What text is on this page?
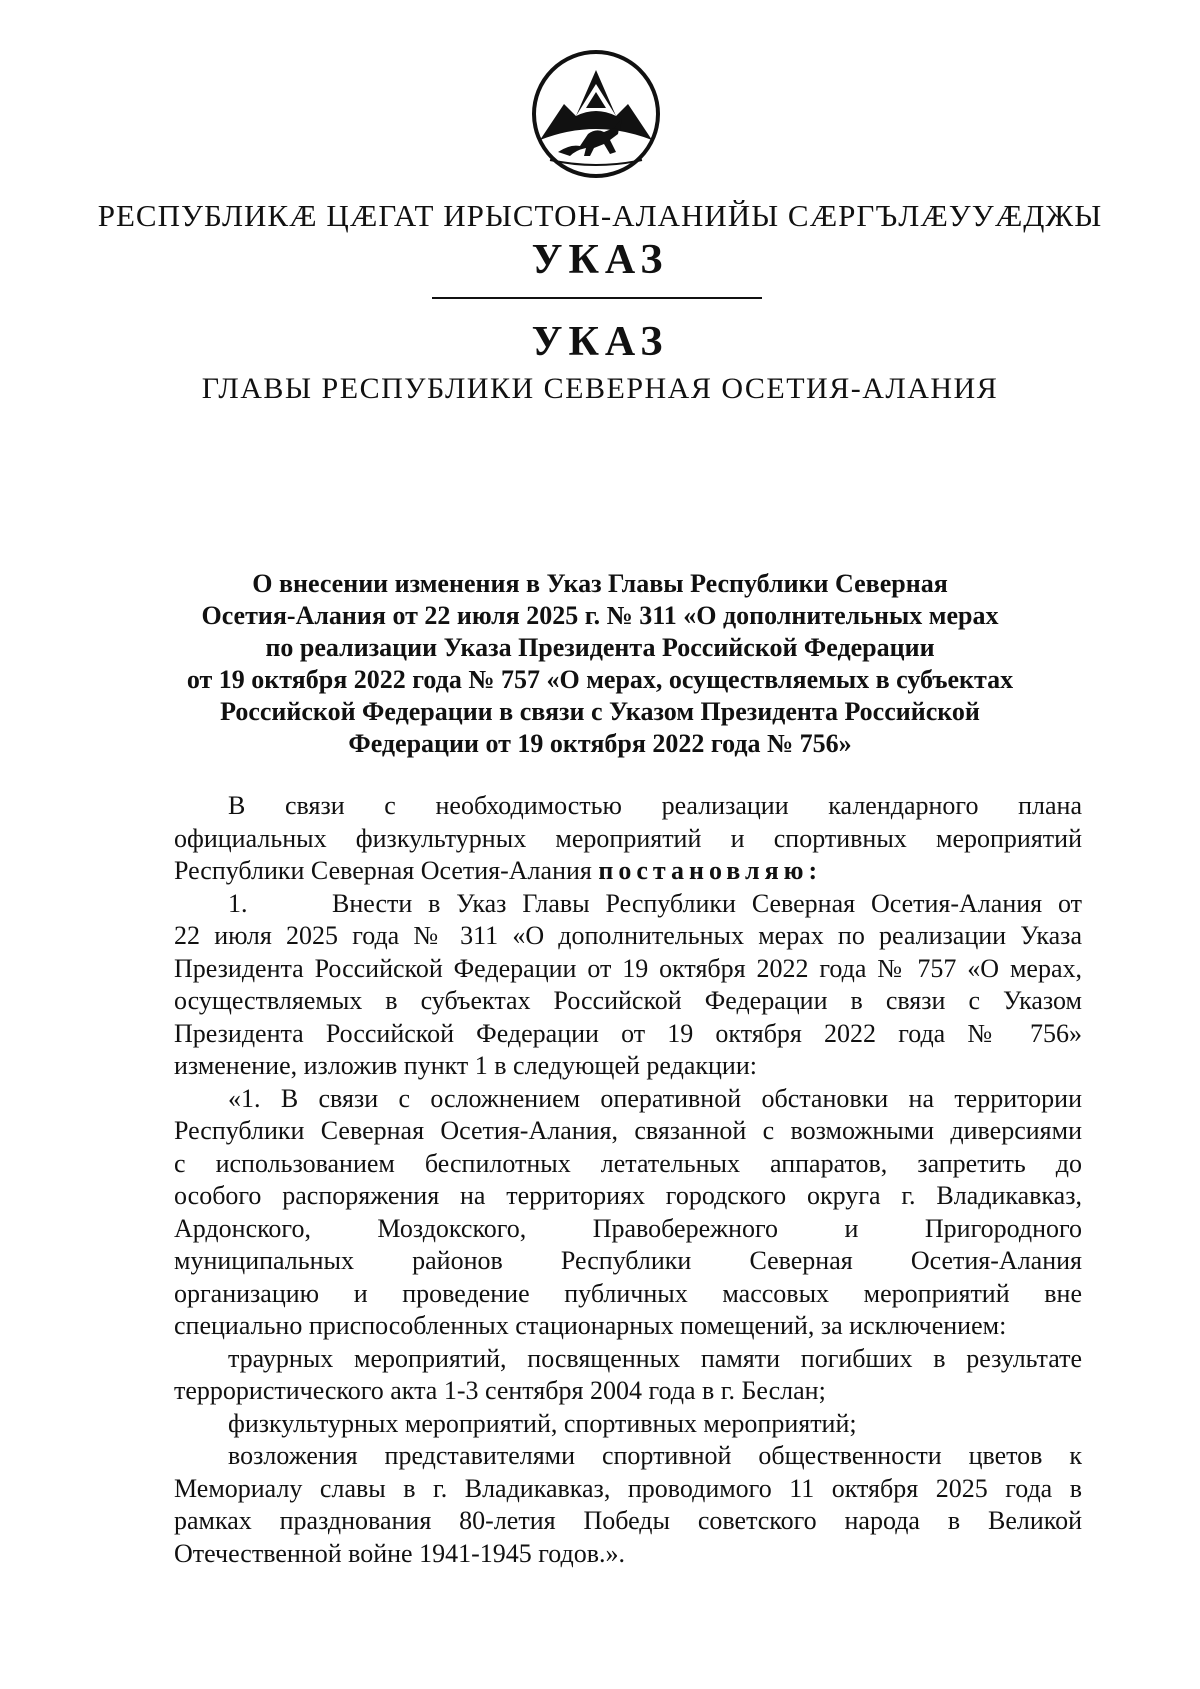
РЕСПУБЛИКӔ ЦӔГАТ ИРЫСТОН-АЛАНИЙЫ СӔРГЪЛӔУУӔДЖЫ
УКАЗ
УКАЗ
ГЛАВЫ РЕСПУБЛИКИ СЕВЕРНАЯ ОСЕТИЯ-АЛАНИЯ
О внесении изменения в Указ Главы Республики Северная
Осетия-Алания от 22 июля 2025 г. № 311 «О дополнительных мерах
по реализации Указа Президента Российской Федерации
от 19 октября 2022 года № 757 «О мерах, осуществляемых в субъектах
Российской Федерации в связи с Указом Президента Российской
Федерации от 19 октября 2022 года № 756»
В связи с необходимостью реализации календарного плана
официальных физкультурных мероприятий и спортивных мероприятий
Республики Северная Осетия-Алания постановляю:
1.	Внести в Указ Главы Республики Северная Осетия-Алания от
22 июля 2025 года № 311 «О дополнительных мерах по реализации Указа
Президента Российской Федерации от 19 октября 2022 года № 757 «О мерах,
осуществляемых в субъектах Российской Федерации в связи с Указом
Президента Российской Федерации от 19 октября 2022 года № 756»
изменение, изложив пункт 1 в следующей редакции:
«1. В связи с осложнением оперативной обстановки на территории
Республики Северная Осетия-Алания, связанной с возможными диверсиями
с использованием беспилотных летательных аппаратов, запретить до
особого распоряжения на территориях городского округа г. Владикавказ,
Ардонского, Моздокского, Правобережного и Пригородного
муниципальных районов Республики Северная Осетия-Алания
организацию и проведение публичных массовых мероприятий вне
специально приспособленных стационарных помещений, за исключением:
траурных мероприятий, посвященных памяти погибших в результате
террористического акта 1-3 сентября 2004 года в г. Беслан;
физкультурных мероприятий, спортивных мероприятий;
возложения представителями спортивной общественности цветов к
Мемориалу славы в г. Владикавказ, проводимого 11 октября 2025 года в
рамках празднования 80-летия Победы советского народа в Великой
Отечественной войне 1941-1945 годов.».
